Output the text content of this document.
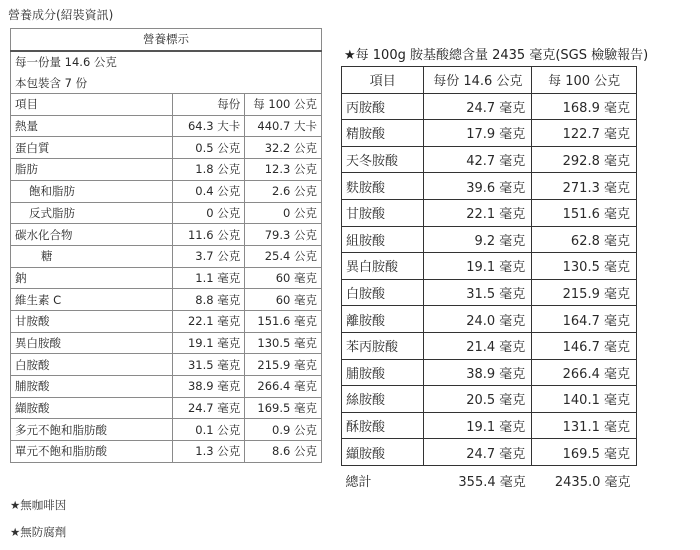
營養成分(紹裝資訊)
營養標示		
每一份量 14.6 公克		
本包裝含 7 份		
項目	每份	每 100 公克
熱量	64.3 大卡	440.7 大卡
蛋白質	0.5 公克	32.2 公克
脂肪	1.8 公克	12.3 公克
飽和脂肪	0.4 公克	2.6 公克
反式脂肪	0 公克	0 公克
碳水化合物	11.6 公克	79.3 公克
糖	3.7 公克	25.4 公克
鈉	1.1 毫克	60 毫克
維生素 C	8.8 毫克	60 毫克
甘胺酸	22.1 毫克	151.6 毫克
異白胺酸	19.1 毫克	130.5 毫克
白胺酸	31.5 毫克	215.9 毫克
脯胺酸	38.9 毫克	266.4 毫克
纈胺酸	24.7 毫克	169.5 毫克
多元不飽和脂肪酸	0.1 公克	0.9 公克
單元不飽和脂肪酸	1.3 公克	8.6 公克
★每 100g 胺基酸總含量 2435 毫克(SGS 檢驗報告)
項目	每份 14.6 公克	每 100 公克
丙胺酸	24.7 毫克	168.9 毫克
精胺酸	17.9 毫克	122.7 毫克
天冬胺酸	42.7 毫克	292.8 毫克
麩胺酸	39.6 毫克	271.3 毫克
甘胺酸	22.1 毫克	151.6 毫克
組胺酸	9.2 毫克	62.8 毫克
異白胺酸	19.1 毫克	130.5 毫克
白胺酸	31.5 毫克	215.9 毫克
離胺酸	24.0 毫克	164.7 毫克
苯丙胺酸	21.4 毫克	146.7 毫克
脯胺酸	38.9 毫克	266.4 毫克
絲胺酸	20.5 毫克	140.1 毫克
酥胺酸	19.1 毫克	131.1 毫克
纈胺酸	24.7 毫克	169.5 毫克
總計	355.4 毫克	2435.0 毫克
★無咖啡因
★無防腐劑
